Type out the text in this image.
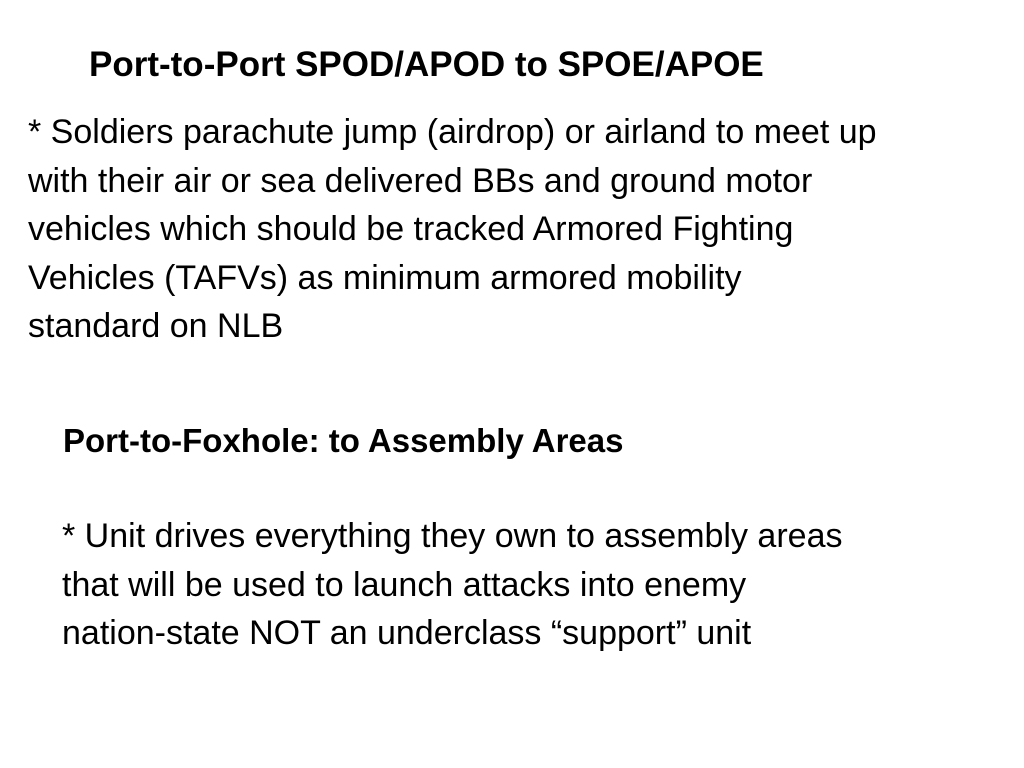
Port-to-Port SPOD/APOD to SPOE/APOE
* Soldiers parachute jump (airdrop) or airland to meet up
with their air or sea delivered BBs and ground motor
vehicles which should be tracked Armored Fighting
Vehicles (TAFVs) as minimum armored mobility
standard on NLB
Port-to-Foxhole: to Assembly Areas
* Unit drives everything they own to assembly areas
that will be used to launch attacks into enemy
nation-state NOT an underclass “support” unit
